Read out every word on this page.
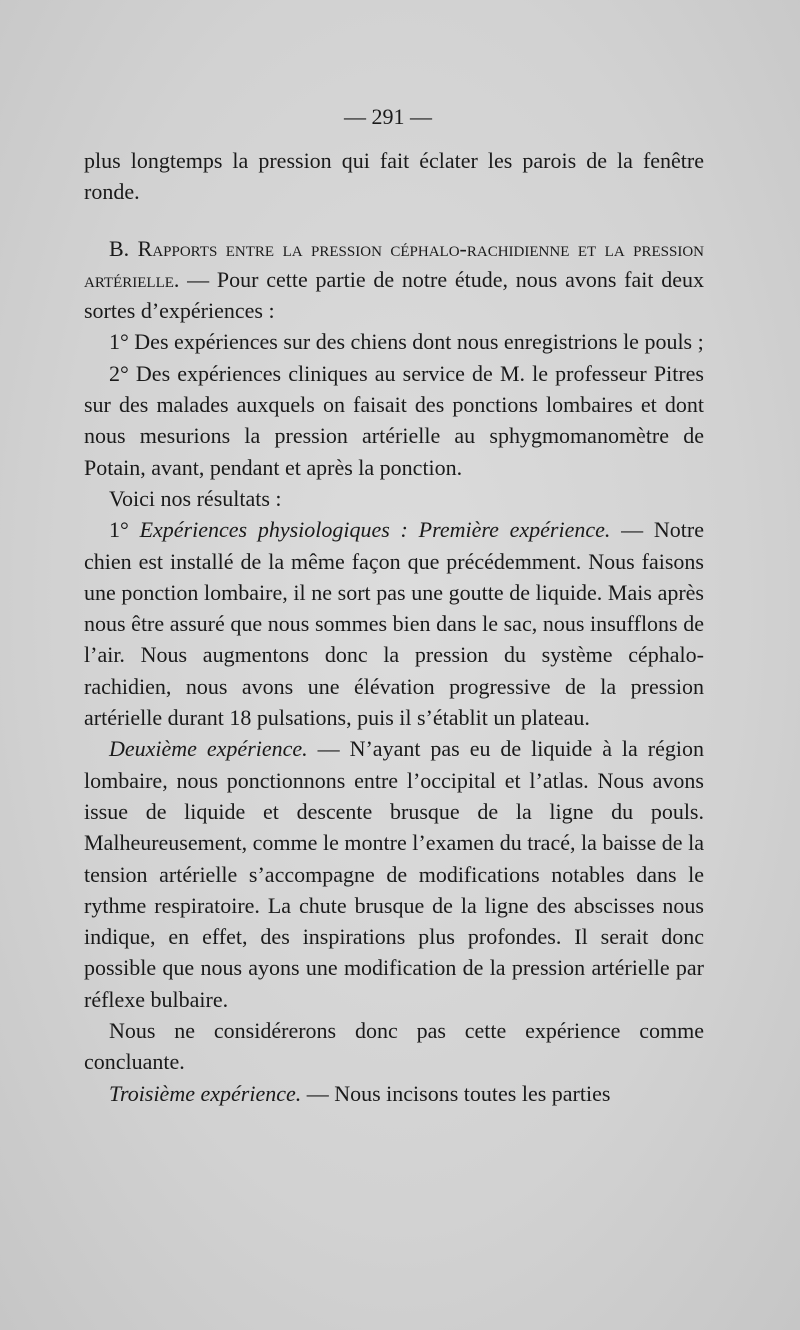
— 291 —

plus longtemps la pression qui fait éclater les parois de la fenêtre ronde.

B. Rapports entre la pression céphalo-rachidienne et la pression artérielle. — Pour cette partie de notre étude, nous avons fait deux sortes d’expériences :

1° Des expériences sur des chiens dont nous enregistrions le pouls ;

2° Des expériences cliniques au service de M. le professeur Pitres sur des malades auxquels on faisait des ponctions lombaires et dont nous mesurions la pression artérielle au sphygmomanomètre de Potain, avant, pendant et après la ponction.

Voici nos résultats :

1° Expériences physiologiques : Première expérience. — Notre chien est installé de la même façon que précédemment. Nous faisons une ponction lombaire, il ne sort pas une goutte de liquide. Mais après nous être assuré que nous sommes bien dans le sac, nous insufflons de l’air. Nous augmentons donc la pression du système céphalo-rachidien, nous avons une élévation progressive de la pression artérielle durant 18 pulsations, puis il s’établit un plateau.

Deuxième expérience. — N’ayant pas eu de liquide à la région lombaire, nous ponctionnons entre l’occipital et l’atlas. Nous avons issue de liquide et descente brusque de la ligne du pouls. Malheureusement, comme le montre l’examen du tracé, la baisse de la tension artérielle s’accompagne de modifications notables dans le rythme respiratoire. La chute brusque de la ligne des abscisses nous indique, en effet, des inspirations plus profondes. Il serait donc possible que nous ayons une modification de la pression artérielle par réflexe bulbaire.

Nous ne considérerons donc pas cette expérience comme concluante.

Troisième expérience. — Nous incisons toutes les parties
